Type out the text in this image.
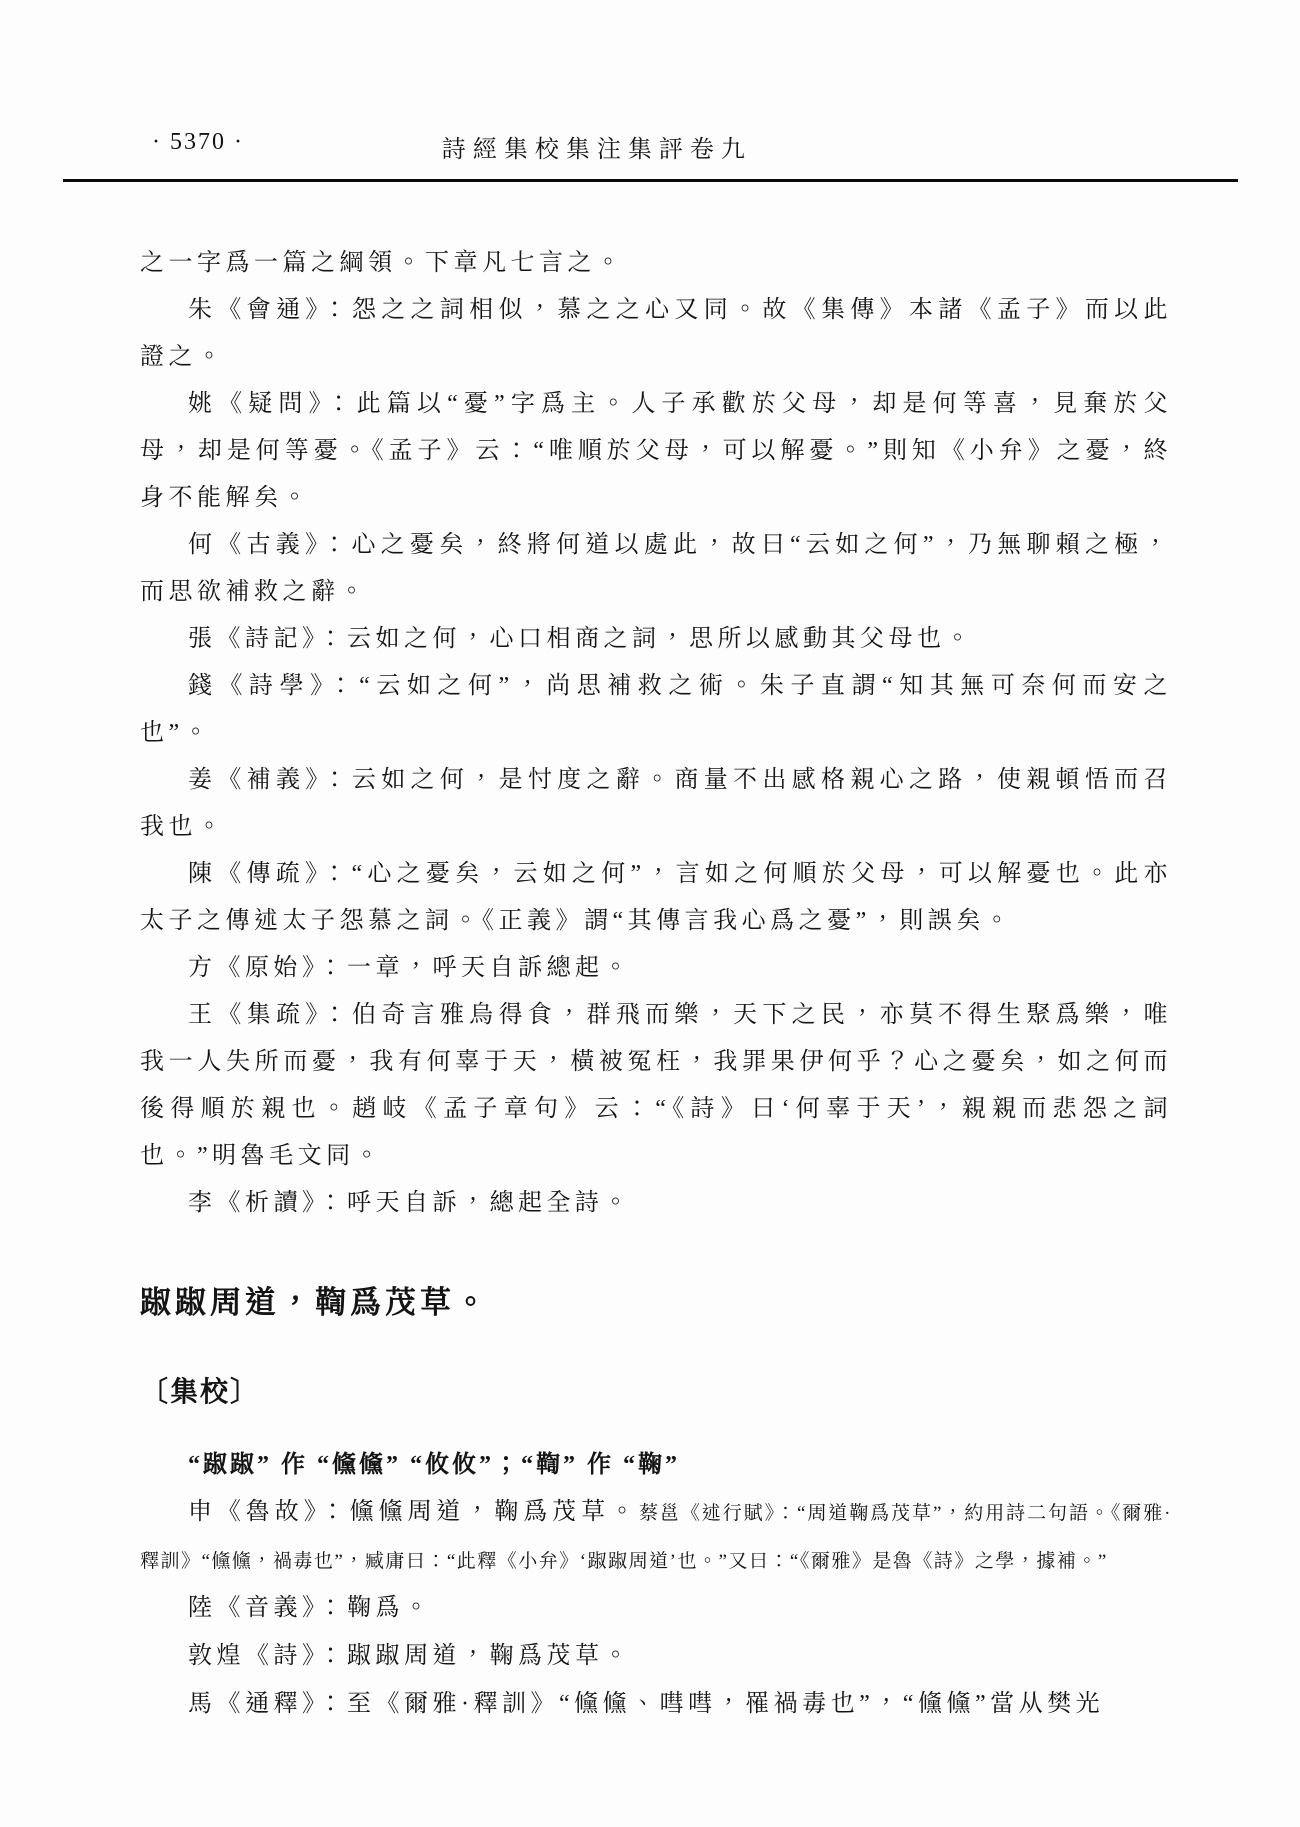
· 5370 ·	詩經集校集注集評卷九

之一字爲一篇之綱領。下章凡七言之。

朱《會通》：怨之之詞相似，慕之之心又同。故《集傳》本諸《孟子》而以此證之。

姚《疑問》：此篇以“憂”字爲主。人子承歡於父母，却是何等喜，見棄於父母，却是何等憂。《孟子》云：“唯順於父母，可以解憂。”則知《小弁》之憂，終身不能解矣。

何《古義》：心之憂矣，終將何道以處此，故曰“云如之何”，乃無聊賴之極，而思欲補救之辭。

張《詩記》：云如之何，心口相商之詞，思所以感動其父母也。

錢《詩學》：“云如之何”，尚思補救之術。朱子直謂“知其無可奈何而安之也”。

姜《補義》：云如之何，是忖度之辭。商量不出感格親心之路，使親頓悟而召我也。

陳《傳疏》：“心之憂矣，云如之何”，言如之何順於父母，可以解憂也。此亦太子之傳述太子怨慕之詞。《正義》謂“其傳言我心爲之憂”，則誤矣。

方《原始》：一章，呼天自訴總起。

王《集疏》：伯奇言雅烏得食，群飛而樂，天下之民，亦莫不得生聚爲樂，唯我一人失所而憂，我有何辜于天，橫被冤枉，我罪果伊何乎？心之憂矣，如之何而後得順於親也。趙岐《孟子章句》云：“《詩》曰‘何辜于天’，親親而悲怨之詞也。”明魯毛文同。

李《析讀》：呼天自訴，總起全詩。

踧踧周道，鞫爲茂草。
〔集校〕

“踧踧” 作 “儵儵” “攸攸”；“鞫” 作 “鞠”

申《魯故》：儵儵周道，鞠爲茂草。蔡邕《述行賦》：“周道鞠爲茂草”，約用詩二句語。《爾雅·釋訓》“儵儵，禍毒也”，臧庸曰：“此釋《小弁》‘踧踧周道’也。”又曰：“《爾雅》是魯《詩》之學，據補。”

陸《音義》：鞠爲。

敦煌《詩》：踧踧周道，鞠爲茂草。

馬《通釋》：至《爾雅·釋訓》“儵儵、嘒嘒，罹禍毒也”，“儵儵”當从樊光
